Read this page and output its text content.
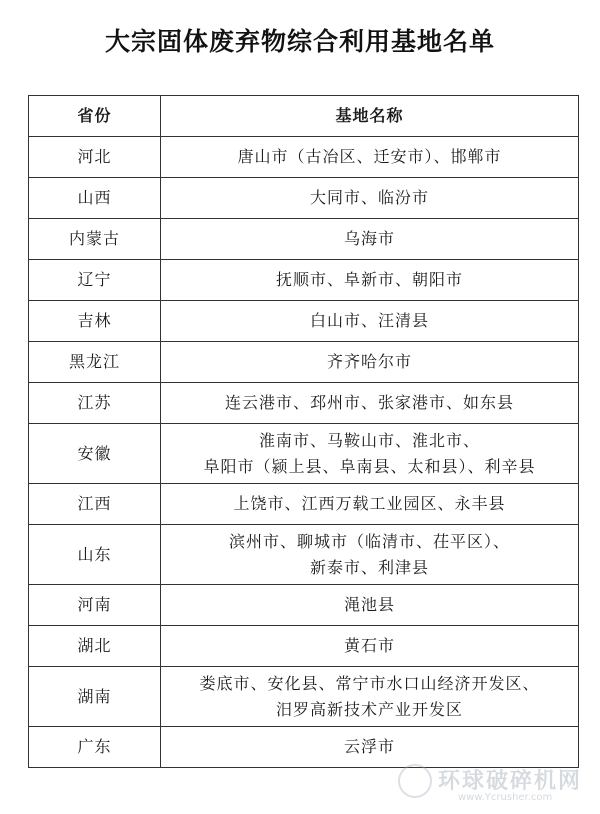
大宗固体废弃物综合利用基地名单
省份	基地名称
河北	唐山市（古冶区、迁安市）、邯郸市

山西	大同市、临汾市

内蒙古	乌海市

辽宁	抚顺市、阜新市、朝阳市

吉林	白山市、汪清县

黑龙江	齐齐哈尔市

江苏	连云港市、邳州市、张家港市、如东县

安徽	淮南市、马鞍山市、淮北市、
阜阳市（颍上县、阜南县、太和县）、利辛县

江西	上饶市、江西万载工业园区、永丰县

山东	滨州市、聊城市（临清市、茌平区）、
新泰市、利津县

河南	渑池县

湖北	黄石市

湖南	娄底市、安化县、常宁市水口山经济开发区、
汨罗高新技术产业开发区

广东	云浮市
环球破碎机网
www.Ycrusher.com
